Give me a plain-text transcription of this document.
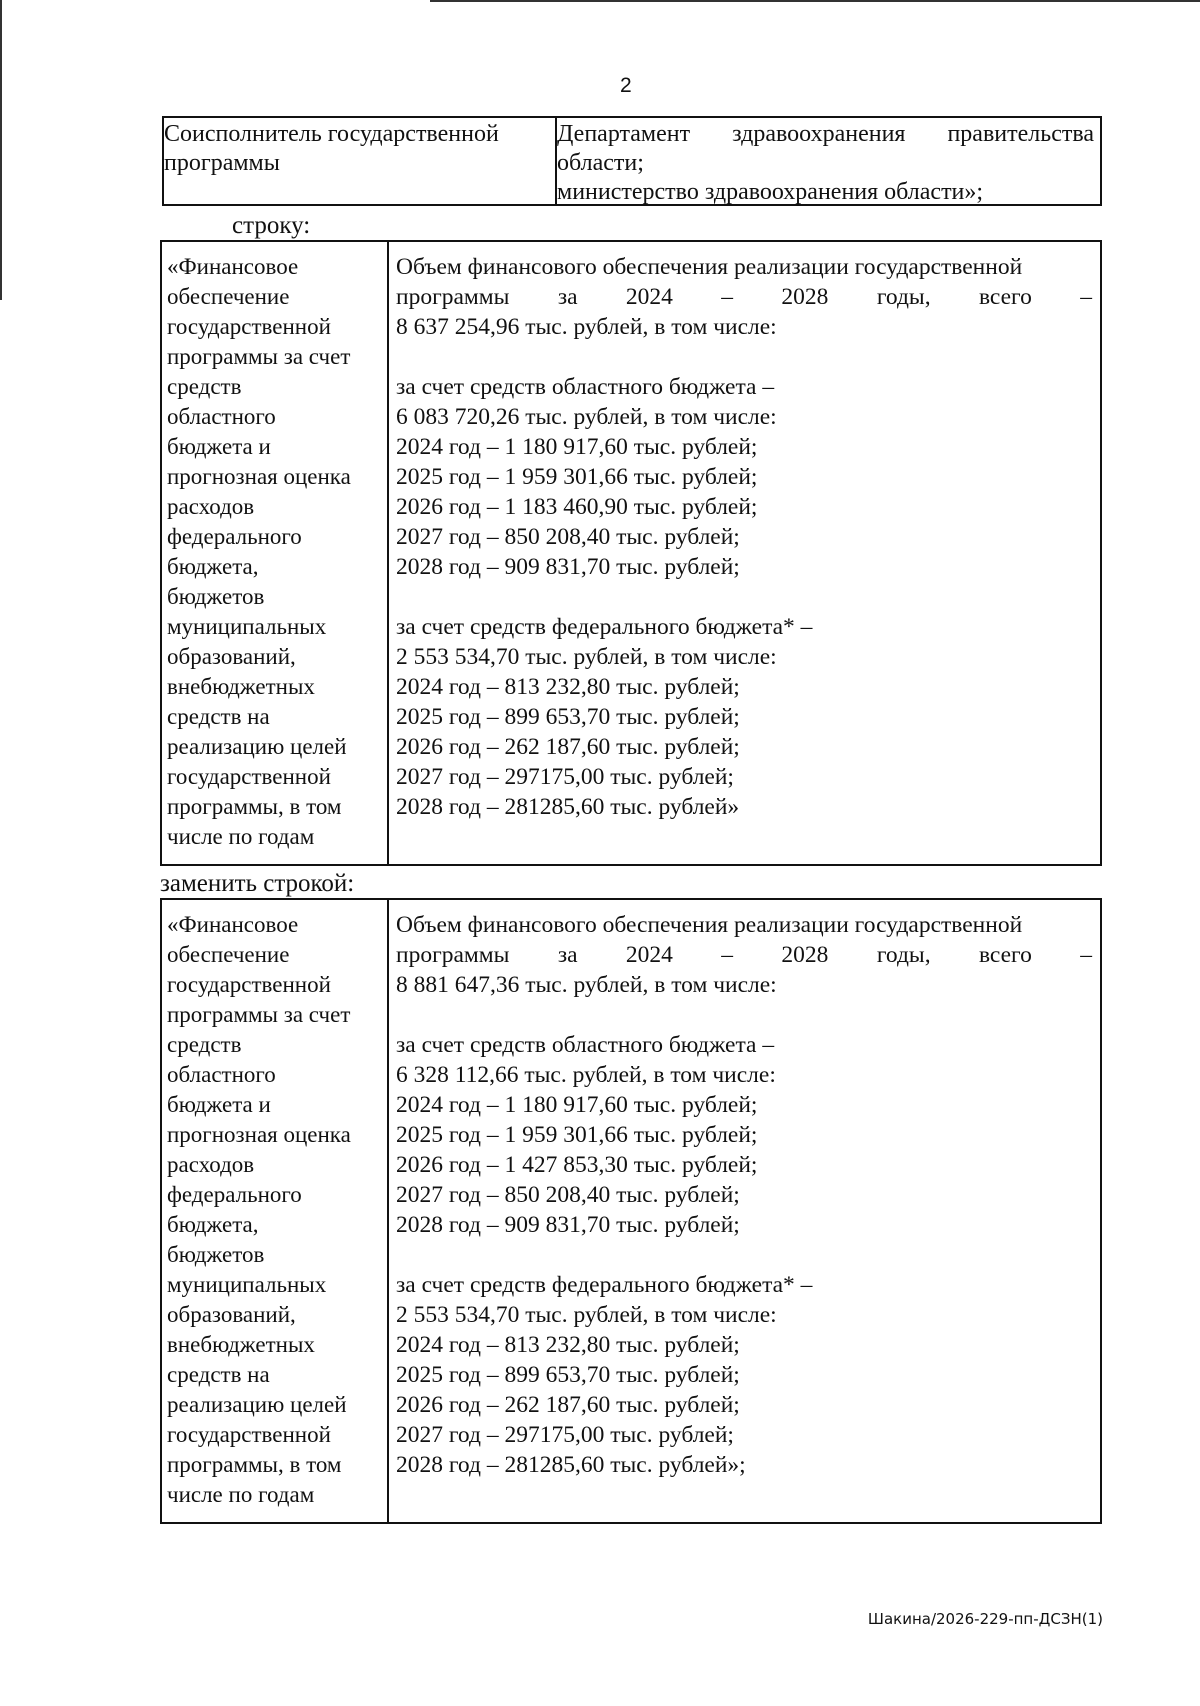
2
Соисполнитель государственной
программы
Департамент здравоохранения правительства
области;
министерство здравоохранения области»;
строку:
«Финансовое
обеспечение
государственной
программы за счет
средств
областного
бюджета и
прогнозная оценка
расходов
федерального
бюджета,
бюджетов
муниципальных
образований,
внебюджетных
средств на
реализацию целей
государственной
программы, в том
числе по годам
Объем финансового обеспечения реализации государственной
программы за 2024 – 2028 годы, всего –
8 637 254,96 тыс. рублей, в том числе:
за счет средств областного бюджета –
6 083 720,26 тыс. рублей, в том числе:
2024 год – 1 180 917,60 тыс. рублей;
2025 год – 1 959 301,66 тыс. рублей;
2026 год – 1 183 460,90 тыс. рублей;
2027 год – 850 208,40 тыс. рублей;
2028 год – 909 831,70 тыс. рублей;
за счет средств федерального бюджета* –
2 553 534,70 тыс. рублей, в том числе:
2024 год – 813 232,80 тыс. рублей;
2025 год – 899 653,70 тыс. рублей;
2026 год – 262 187,60 тыс. рублей;
2027 год – 297175,00 тыс. рублей;
2028 год – 281285,60 тыс. рублей»
заменить строкой:
«Финансовое
обеспечение
государственной
программы за счет
средств
областного
бюджета и
прогнозная оценка
расходов
федерального
бюджета,
бюджетов
муниципальных
образований,
внебюджетных
средств на
реализацию целей
государственной
программы, в том
числе по годам
Объем финансового обеспечения реализации государственной
программы за 2024 – 2028 годы, всего –
8 881 647,36 тыс. рублей, в том числе:
за счет средств областного бюджета –
6 328 112,66 тыс. рублей, в том числе:
2024 год – 1 180 917,60 тыс. рублей;
2025 год – 1 959 301,66 тыс. рублей;
2026 год – 1 427 853,30 тыс. рублей;
2027 год – 850 208,40 тыс. рублей;
2028 год – 909 831,70 тыс. рублей;
за счет средств федерального бюджета* –
2 553 534,70 тыс. рублей, в том числе:
2024 год – 813 232,80 тыс. рублей;
2025 год – 899 653,70 тыс. рублей;
2026 год – 262 187,60 тыс. рублей;
2027 год – 297175,00 тыс. рублей;
2028 год – 281285,60 тыс. рублей»;
Шакина/2026-229-пп-ДСЗН(1)
